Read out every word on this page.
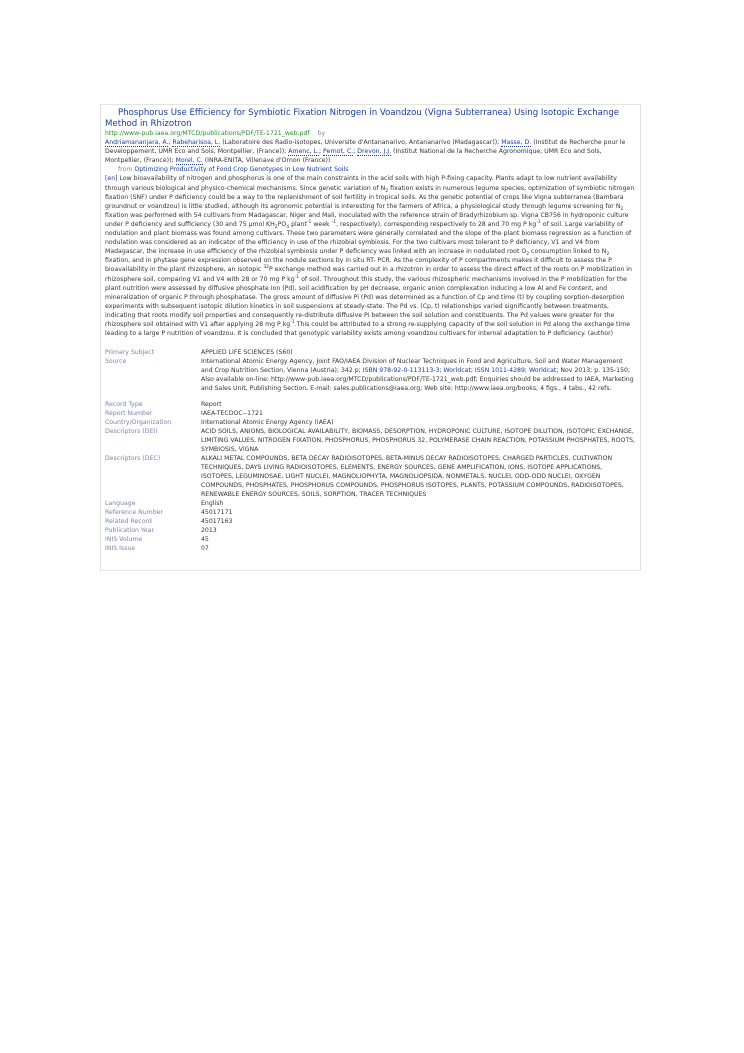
Phosphorus Use Efficiency for Symbiotic Fixation Nitrogen in Voandzou (Vigna Subterranea) Using Isotopic Exchange Method in Rhizotron
http://www-pub.iaea.org/MTCD/publications/PDF/TE-1721_web.pdf by
Andriamananjara, A., Rabeharisoa, L. (Laboratoire des Radio-isotopes, Universite d'Antananarivo, Antananarivo (Madagascar)); Masse, D. (Institut de Recherche pour le Developpement, UMR Eco and Sols, Montpellier, (France)); Amenc, L.; Pernot, C.; Drevon, J.J. (Institut National de la Recherche Agronomique, UMR Eco and Sols, Montpellier, (France)); Morel, C. (INRA-ENITA, Villenave d'Ornon (France))
from Optimizing Productivity of Food Crop Genotypes in Low Nutrient Soils

[en] Low bioavailability of nitrogen and phosphorus is one of the main constraints in the acid soils with high P-fixing capacity. Plants adapt to low nutrient availability through various biological and physico-chemical mechanisms. Since genetic variation of $N_2$ fixation exists in numerous legume species, optimization of symbiotic nitrogen fixation (SNF) under P deficiency could be a way to the replenishment of soil fertility in tropical soils. As the genetic potential of crops like Vigna subterranea (Bambara groundnut or voandzou) is little studied, although its agronomic potential is interesting for the farmers of Africa, a physiological study through legume screening for $N_2$ fixation was performed with 54 cultivars from Madagascar, Niger and Mali, inoculated with the reference strain of Bradyrhizobium sp. Vigna CB756 in hydroponic culture under P deficiency and sufficiency (30 and 75 µmol $KH_2PO_4$ plant$^{-1}$ week $^{-1}$, respectively), corresponding respectively to 28 and 70 mg P $kg^{-1}$ of soil. Large variability of nodulation and plant biomass was found among cultivars. These two parameters were generally correlated and the slope of the plant biomass regression as a function of nodulation was considered as an indicator of the efficiency in use of the rhizobial symbiosis. For the two cultivars most tolerant to P deficiency, V1 and V4 from Madagascar, the increase in use efficiency of the rhizobial symbiosis under P deficiency was linked with an increase in nodulated root $O_2$ consumption linked to $N_2$ fixation, and in phytase gene expression observed on the nodule sections by in situ RT- PCR. As the complexity of P compartments makes it difficult to assess the P bioavailability in the plant rhizosphere, an isotopic $^{32}$P exchange method was carried out in a rhizotron in order to assess the direct effect of the roots on P mobilization in rhizosphere soil, comparing V1 and V4 with 28 or 70 mg P $kg^{-1}$ of soil. Throughout this study, the various rhizospheric mechanisms involved in the P mobilization for the plant nutrition were assessed by diffusive phosphate ion (Pd), soil acidification by pH decrease, organic anion complexation inducing a low Al and Fe content, and mineralization of organic P through phosphatase. The gross amount of diffusive Pi (Pd) was determined as a function of Cp and time (t) by coupling sorption-desorption experiments with subsequent isotopic dilution kinetics in soil suspensions at steady-state. The Pd vs. (Cp, t) relationships varied significantly between treatments, indicating that roots modify soil properties and consequently re-distribute diffusive Pi between the soil solution and constituents. The Pd values were greater for the rhizosphere soil obtained with V1 after applying 28 mg P $kg^{-1}.This$ could be attributed to a strong re-supplying capacity of the soil solution in Pd along the exchange time leading to a large P nutrition of voandzou. It is concluded that genotypic variability exists among voandzou cultivars for internal adaptation to P deficiency. (author)

Primary Subject	APPLIED LIFE SCIENCES (S60)
Source	International Atomic Energy Agency, Joint FAO/IAEA Division of Nuclear Techniques in Food and Agriculture, Soil and Water Management and Crop Nutrition Section, Vienna (Austria); 342 p; ISBN 978-92-0-113113-3; Worldcat; ISSN 1011-4289; Worldcat; Nov 2013; p. 135-150; Also available on-line: http://www-pub.iaea.org/MTCD/publications/PDF/TE-1721_web.pdf; Enquiries should be addressed to IAEA, Marketing and Sales Unit, Publishing Section, E-mail: sales.publications@iaea.org; Web site: http://www.iaea.org/books; 4 figs., 4 tabs., 42 refs.

Record Type	Report
Report Number	IAEA-TECDOC--1721
Country/Organization	International Atomic Energy Agency (IAEA)
Descriptors (DEI)	ACID SOILS, ANIONS, BIOLOGICAL AVAILABILITY, BIOMASS, DESORPTION, HYDROPONIC CULTURE, ISOTOPE DILUTION, ISOTOPIC EXCHANGE, LIMITING VALUES, NITROGEN FIXATION, PHOSPHORUS, PHOSPHORUS 32, POLYMERASE CHAIN REACTION, POTASSIUM PHOSPHATES, ROOTS, SYMBIOSIS, VIGNA
Descriptors (DEC)	ALKALI METAL COMPOUNDS, BETA DECAY RADIOISOTOPES, BETA-MINUS DECAY RADIOISOTOPES, CHARGED PARTICLES, CULTIVATION TECHNIQUES, DAYS LIVING RADIOISOTOPES, ELEMENTS, ENERGY SOURCES, GENE AMPLIFICATION, IONS, ISOTOPE APPLICATIONS, ISOTOPES, LEGUMINOSAE, LIGHT NUCLEI, MAGNOLIOPHYTA, MAGNOLIOPSIDA, NONMETALS, NUCLEI, ODD-ODD NUCLEI, OXYGEN COMPOUNDS, PHOSPHATES, PHOSPHORUS COMPOUNDS, PHOSPHORUS ISOTOPES, PLANTS, POTASSIUM COMPOUNDS, RADIOISOTOPES, RENEWABLE ENERGY SOURCES, SOILS, SORPTION, TRACER TECHNIQUES
Language	English
Reference Number	45017171
Related Record	45017163
Publication Year	2013
INIS Volume	45
INIS Issue	07
